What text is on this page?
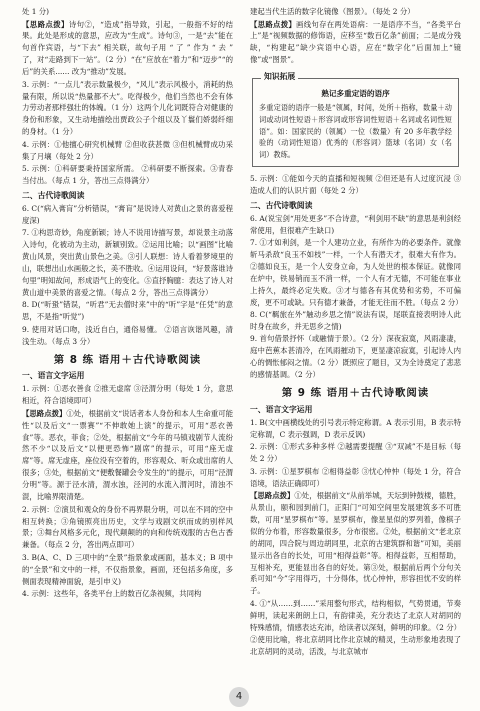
处 1 分)

【思路点拨】诗句②，“造成”指导致，引起，一般指不好的结果。此处是形成的意思，应改为“生成”。诗句③，一是“去”能在句首作宾语，与“下去” 相关联，故句子用 “ 了 ” 作为 “ 去 ” 了，对“走路到下一站”。（2 分）“在”应放在“着力”和“迈步”“的后”的关系...... 改为“推动”发展。

3. 示例：“一点儿”表示数量极少，“风儿”表示风极小，消耗的热量有限，所以说“热量都不大”。吃得极少，他们当然也不会有体力劳动者那样强壮的体魄。（1 分）这两个儿化词既符合对健康的身份和形象，又生动地描绘出贾政公子个组以及丫鬟们娇弱纤细的身材。（1 分）

4. 示例：①他擅心研究机械臂 ②但收获甚微 ③但机械臂成功采集了月壤（每处 2 分）

5. 示例：①科研要秉持国家所需。 ②科研要不断探索。③青春当付出。（每点 1 分，答出三点得满分）

二、古代诗歌阅读

6. C(“病入膏肓”分析错误，“膏肓”是说诗人对黄山之景的喜爱程度深)

7. ①构思奇妙，角度新颖；诗人不说用诗描写景，却说景主动落入诗句，化被动为主动，新颖别致。②运用比喻；以“画图”比喻黄山风景，突出黄山景色之美。③引人联想：诗人看着梦境里的山，联想出山水画般之长，美不胜收。④运用设问，“好景落谁诗句里”明知故问，形成语气上的变化。⑤直抒胸臆：表达了诗人对黄山道中美景的喜爱之情。（每点 2 分，答出三点得满分）

8. D(“听蛩”错误，“听君”无去僧时来”中的“听”字是“任凭”的意思，不是指“听觉”)

9. 使用对话口吻，浅近自白，通俗易懂。 ②语言诙谐风趣，清浅生动。（每点 3 分）

第 8 练 语用＋古代诗歌阅读
一、语言文字运用

1. 示例：①恶衣善食 ②推无虚席 ③泾渭分明（每处 1 分，意思相近，符合语境即可）

【思路点拨】①处，根据前文“说话者本人身份和本人生命重可能性“以及后文“一票赛”“不伸敢她上演”的提示，可用“恶衣善食”等。恶衣，菲食；②处，根据前文“今年的马镇戏剧节人流纷然不少“以及后文“以便更恐怖“剧席”的提示，可用“座无虚席”等。席无虚座，座位没有空着的，形容观众、听众或出席的人很多；③处，根据前文“便敷餐罐会令发生的”的提示，可用“泾渭分明”等。源于泾水清，渭水浊，泾河的水流入渭河时，清浊不混，比喻界限清楚。

2. 示例：②演员和观众的身份不再界限分明，可以在不同的空中相互转换；③角镜照亮出历史，文学与戏剧文织而成的别样风景；③舞台风格多元化，现代颠颠的的向和传统戏服的古色古香兼备。（每点 2 分，答出两点即可）

3. B(A、C、D 三项中的“全景”指景象或画面，基本义；B 项中的“全景”和文中的一样，不仅指景象，画面，还包括多角度，多侧面表现精神面貌，是引申义)

4. 示例：这些年，各类平台上的数百亿条视频，共同构

建起当代生活的数字化镜像（图景）。（每处 2 分）

【思路点拨】画线句存在两处语病：一是语序不当，“各类平台上”是“视频数据的修饰语，应移至“数百亿条”前面；二是成分残缺，“构建起”缺少宾语中心语，应在“数字化”后面加上“镜像”或“图景”。

知识拓展
熟记多重定语的语序

多重定语的语序一般是“领属，时间，处所＋指称，数量＋动词或动词性短语＋形容词或形容词性短语＋名词或名词性短语”。如：国家民的（领属）一位（数量）有 20 多年教学经验的（动词性短语）优秀的（形容词）篮球（名词）女（名词）教练。

5. 示例：①能如今天的直播和短视频 ②但还是有人过度沉浸 ③造成人们的认识片面（每处 2 分）

二、古代诗歌阅读

6. A(说宝剑“用处更多”不合诗意，“利剑用不缺”的意思是利剑经常使用，但很难产生缺口)

7. ①才如利剑，是一个人建功立业，有所作为的必要条件。就像斩马杀敌“良玉不如枝”一样，一个人有潜天才，很难大有作为。②德如良玉，是一个人安身立命，为人处世的根本保证。就像同在炉中，铁易销而玉不消一样，一个人有才无德，不可能在事业上持久，最终必定失败。③才与德各有其优势和劣势，不可偏废，更不可或缺。只有德才兼备，才能无往而不胜。（每点 2 分）

8. C(“羁旅在外”触动乡思之情”说法有误，尾联直接表明诗人此时身在故乡，并无思乡之情)

9. 首句借景抒怀（或融情于景）。（2 分）深夜寂寞，风雨凄凄，庭中芭蕉本甚清冷，在风雨摧动下，更显凄凉寂寞，引起诗人内心的惆怅郁闷之情。（2 分）既照应了题目，又为全诗奠定了悲悲的感情基调。（2 分）

第 9 练 语用＋古代诗歌阅读
一、语言文字运用

1. B(文中画横线处的引号表示特定称谓。A 表示引用，B 表示特定称谓，C 表示强调，D 表示反讽)

2. 示例：①形式多种多样 ②越需要提醒 ③“双减”不是目标（每处 2 分）

3. 示例：①星罗棋布 ②相得益彰 ③忧心忡忡（每处 1 分，符合语境，语法正确即可）

【思路点拨】①处，根据前文“从前举城，天坛到钟鼓楼，德胜，从景山，颐和园到前门，正阳门“可知空间里发展建筑多不可胜数，可用“星罗棋布”等。星罗棋布，像星星似的罗列着，像棋子似的分布着，形容数量很多，分布很密。②处，根据前文“老北京的胡同，四合院与周边胡同里，北京的古建筑群和谐”可知，美丽显示出各自的长处，可用“相得益彰”等。相得益彰，互相帮助，互相补充，更能显出各自的好处。第③处，根据前后两个分句关系可知“今”字用得巧，十分得体，忧心忡忡，形容担忧不安的样子。

4. ①“从……到……”采用整句形式，结构相似，气势贯通，节奏鲜明，读起来朗朗上口，有韵律美，充分表达了北京人对胡同的特殊感情，情感表达充沛，给读者以深刻，鲜明的印象。（2 分）②使用比喻，将北京胡同比作北京城的精灵，生动形象地表现了北京胡同的灵动，活泼，与北京城市

4
